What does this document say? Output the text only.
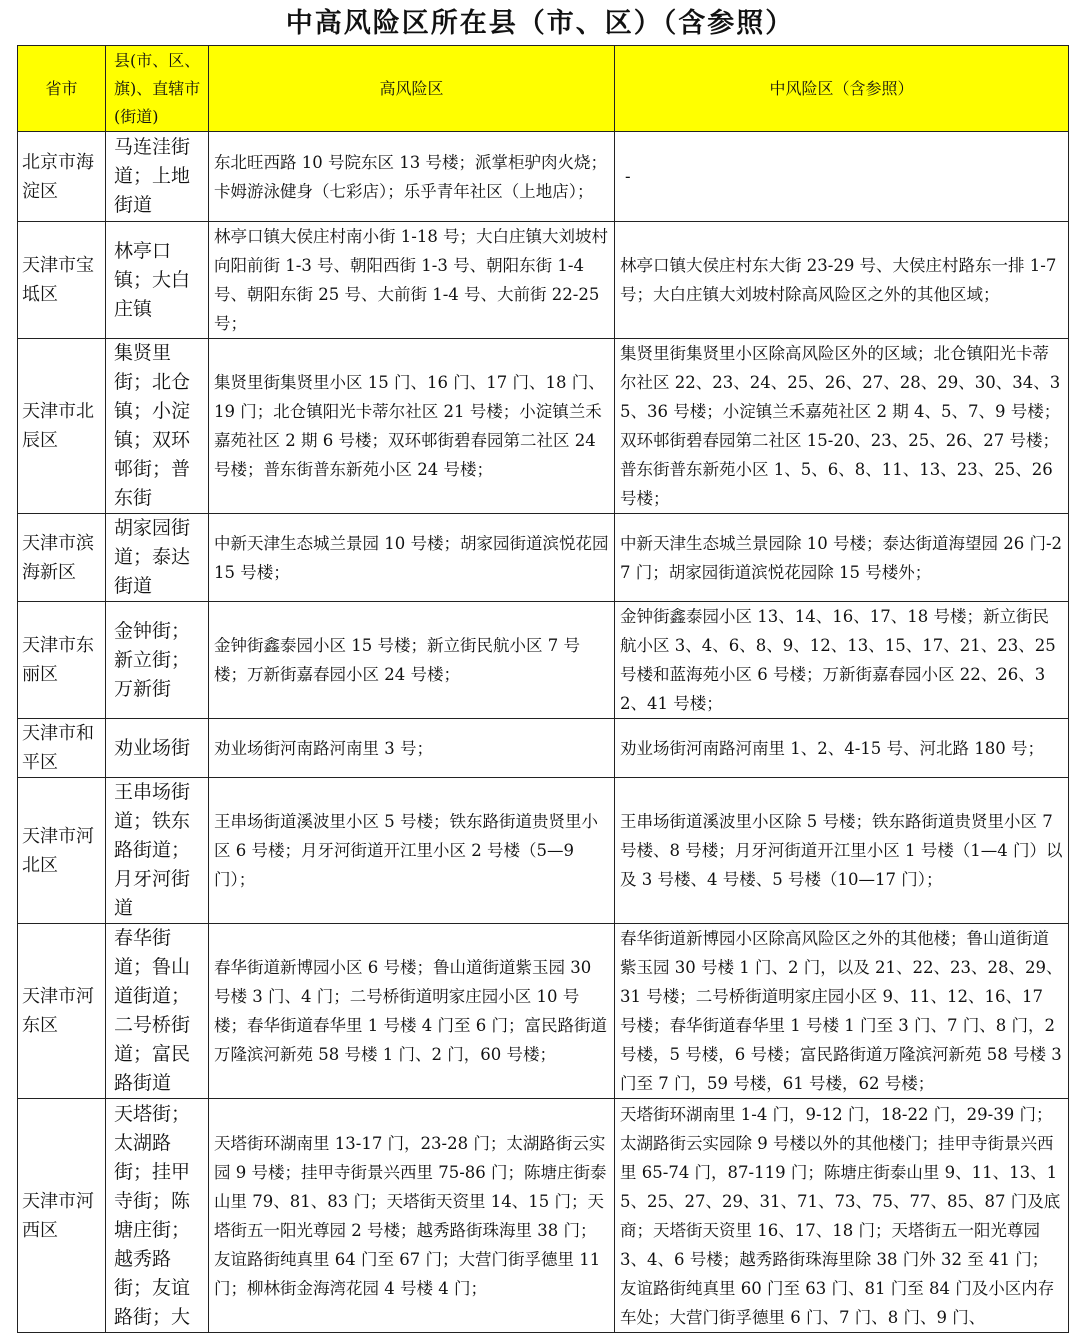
中高风险区所在县（市、区）（含参照）
省市	县(市、区、旗)、直辖市(街道)	高风险区	中风险区（含参照）
北京市海淀区	马连洼街道；上地街道	东北旺西路 10 号院东区 13 号楼；派掌柜驴肉火烧；卡姆游泳健身（七彩店）；乐乎青年社区（上地店）；	-
天津市宝坻区	林亭口镇；大白庄镇	林亭口镇大侯庄村南小街 1-18 号；大白庄镇大刘坡村向阳前街 1-3 号、朝阳西街 1-3 号、朝阳东街 1-4 号、朝阳东街 25 号、大前街 1-4 号、大前街 22-25 号；	林亭口镇大侯庄村东大街 23-29 号、大侯庄村路东一排 1-7 号；大白庄镇大刘坡村除高风险区之外的其他区域；
天津市北辰区	集贤里街；北仓镇；小淀镇；双环邨街；普东街	集贤里街集贤里小区 15 门、16 门、17 门、18 门、19 门；北仓镇阳光卡蒂尔社区 21 号楼；小淀镇兰禾嘉苑社区 2 期 6 号楼；双环邨街碧春园第二社区 24 号楼；普东街普东新苑小区 24 号楼；	集贤里街集贤里小区除高风险区外的区域；北仓镇阳光卡蒂尔社区 22、23、24、25、26、27、28、29、30、34、35、36 号楼；小淀镇兰禾嘉苑社区 2 期 4、5、7、9 号楼；双环邨街碧春园第二社区 15-20、23、25、26、27 号楼；普东街普东新苑小区 1、5、6、8、11、13、23、25、26 号楼；
天津市滨海新区	胡家园街道；泰达街道	中新天津生态城兰景园 10 号楼；胡家园街道滨悦花园 15 号楼；	中新天津生态城兰景园除 10 号楼；泰达街道海望园 26 门-27 门；胡家园街道滨悦花园除 15 号楼外；
天津市东丽区	金钟街；新立街；万新街	金钟街鑫泰园小区 15 号楼；新立街民航小区 7 号楼；万新街嘉春园小区 24 号楼；	金钟街鑫泰园小区 13、14、16、17、18 号楼；新立街民航小区 3、4、6、8、9、12、13、15、17、21、23、25 号楼和蓝海苑小区 6 号楼；万新街嘉春园小区 22、26、32、41 号楼；
天津市和平区	劝业场街	劝业场街河南路河南里 3 号；	劝业场街河南路河南里 1、2、4-15 号、河北路 180 号；
天津市河北区	王串场街道；铁东路街道；月牙河街道	王串场街道溪波里小区 5 号楼；铁东路街道贵贤里小区 6 号楼；月牙河街道开江里小区 2 号楼（5—9 门）；	王串场街道溪波里小区除 5 号楼；铁东路街道贵贤里小区 7 号楼、8 号楼；月牙河街道开江里小区 1 号楼（1—4 门）以及 3 号楼、4 号楼、5 号楼（10—17 门）；
天津市河东区	春华街道；鲁山道街道；二号桥街道；富民路街道	春华街道新博园小区 6 号楼；鲁山道街道紫玉园 30 号楼 3 门、4 门；二号桥街道明家庄园小区 10 号楼；春华街道春华里 1 号楼 4 门至 6 门；富民路街道万隆滨河新苑 58 号楼 1 门、2 门，60 号楼；	春华街道新博园小区除高风险区之外的其他楼；鲁山道街道紫玉园 30 号楼 1 门、2 门，以及 21、22、23、28、29、31 号楼；二号桥街道明家庄园小区 9、11、12、16、17 号楼；春华街道春华里 1 号楼 1 门至 3 门、7 门、8 门，2 号楼，5 号楼，6 号楼；富民路街道万隆滨河新苑 58 号楼 3 门至 7 门，59 号楼，61 号楼，62 号楼；
天津市河西区	天塔街；太湖路街；挂甲寺街；陈塘庄街；越秀路街；友谊路街；大	天塔街环湖南里 13-17 门，23-28 门；太湖路街云实园 9 号楼；挂甲寺街景兴西里 75-86 门；陈塘庄街泰山里 79、81、83 门；天塔街天资里 14、15 门；天塔街五一阳光尊园 2 号楼；越秀路街珠海里 38 门；友谊路街纯真里 64 门至 67 门；大营门街孚德里 11 门；柳林街金海湾花园 4 号楼 4 门；	天塔街环湖南里 1-4 门，9-12 门，18-22 门，29-39 门；太湖路街云实园除 9 号楼以外的其他楼门；挂甲寺街景兴西里 65-74 门，87-119 门；陈塘庄街泰山里 9、11、13、15、25、27、29、31、71、73、75、77、85、87 门及底商；天塔街天资里 16、17、18 门；天塔街五一阳光尊园 3、4、6 号楼；越秀路街珠海里除 38 门外 32 至 41 门；友谊路街纯真里 60 门至 63 门、81 门至 84 门及小区内存车处；大营门街孚德里 6 门、7 门、8 门、9 门、
